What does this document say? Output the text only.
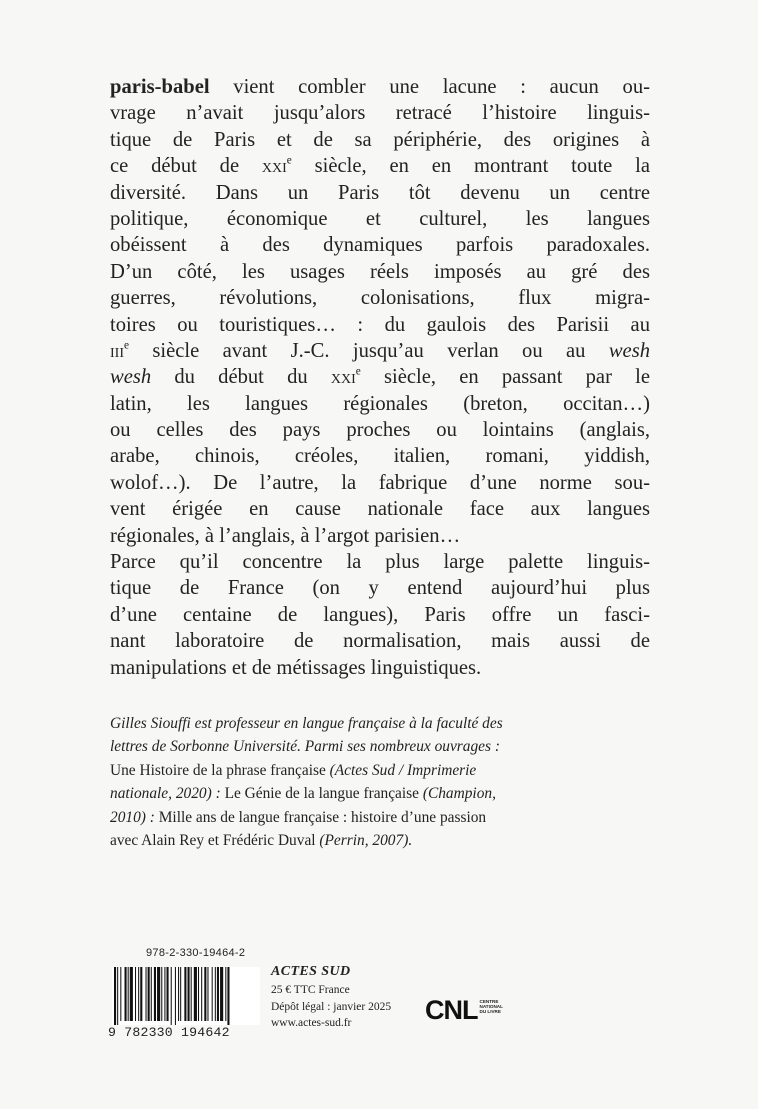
paris-babel vient combler une lacune : aucun ou-
vrage n’avait jusqu’alors retracé l’histoire linguis-
tique de Paris et de sa périphérie, des origines à
ce début de xxi$^e$ siècle, en en montrant toute la
diversité. Dans un Paris tôt devenu un centre
politique, économique et culturel, les langues
obéissent à des dynamiques parfois paradoxales.
D’un côté, les usages réels imposés au gré des
guerres, révolutions, colonisations, flux migra-
toires ou touristiques… : du gaulois des Parisii au
iii$^e$ siècle avant J.-C. jusqu’au verlan ou au wesh
wesh du début du xxi$^e$ siècle, en passant par le
latin, les langues régionales (breton, occitan…)
ou celles des pays proches ou lointains (anglais,
arabe, chinois, créoles, italien, romani, yiddish,
wolof…). De l’autre, la fabrique d’une norme sou-
vent érigée en cause nationale face aux langues
régionales, à l’anglais, à l’argot parisien…

Parce qu’il concentre la plus large palette linguis-
tique de France (on y entend aujourd’hui plus
d’une centaine de langues), Paris offre un fasci-
nant laboratoire de normalisation, mais aussi de
manipulations et de métissages linguistiques.

Gilles Siouffi est professeur en langue française à la faculté des
lettres de Sorbonne Université. Parmi ses nombreux ouvrages :
Une Histoire de la phrase française (Actes Sud / Imprimerie
nationale, 2020) : Le Génie de la langue française (Champion,
2010) : Mille ans de langue française : histoire d’une passion
avec Alain Rey et Frédéric Duval (Perrin, 2007).
978-2-330-19464-2
9 782330 194642
ACTES SUD
25 € TTC France
Dépôt légal : janvier 2025
www.actes-sud.fr	CNL CENTRE
NATIONAL
DU LIVRE
